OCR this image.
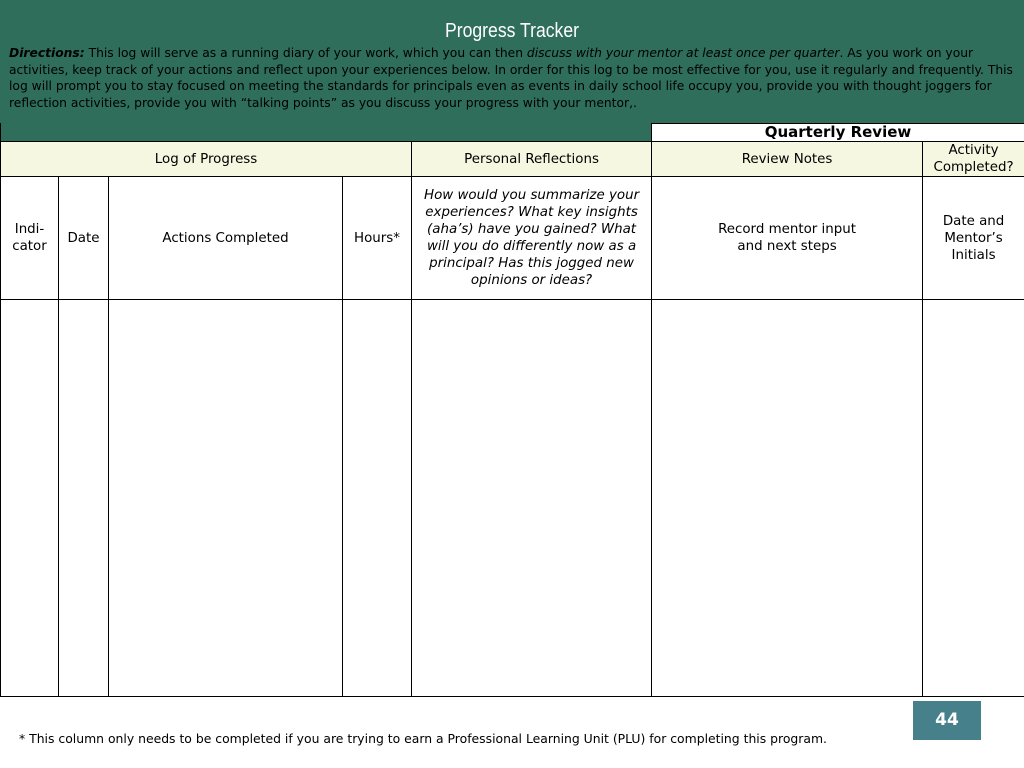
Progress Tracker
Directions: This log will serve as a running diary of your work, which you can then discuss with your mentor at least once per quarter. As you work on your activities, keep track of your actions and reflect upon your experiences below. In order for this log to be most effective for you, use it regularly and frequently. This log will prompt you to stay focused on meeting the standards for principals even as events in daily school life occupy you, provide you with thought joggers for reflection activities, provide you with “talking points” as you discuss your progress with your mentor,.
Quarterly Review
Log of Progress				Personal Reflections	Review Notes	Activity Completed?
Indi-cator	Date	Actions Completed	Hours*	How would you summarize your experiences? What key insights (aha’s) have you gained? What will you do differently now as a principal? Has this jogged new opinions or ideas?	Record mentor input and next steps	Date and Mentor’s Initials

44
* This column only needs to be completed if you are trying to earn a Professional Learning Unit (PLU) for completing this program.
